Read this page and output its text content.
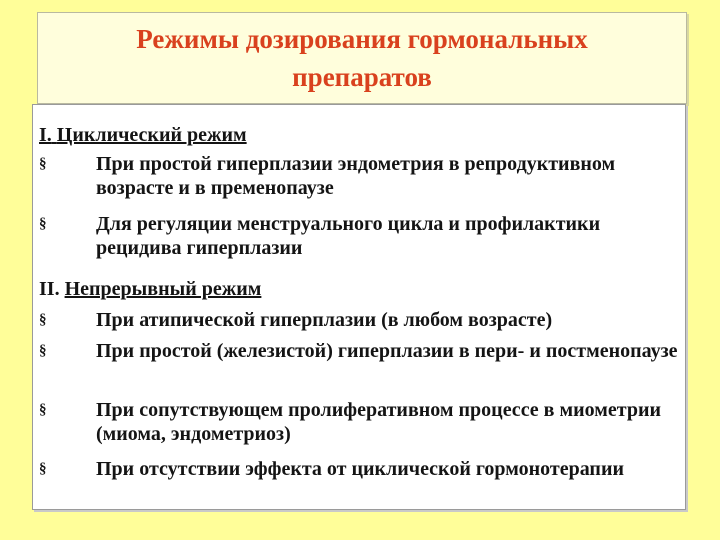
Режимы дозирования гормональных препаратов
I. Циклический режим
§	При простой гиперплазии эндометрия в репродуктивном возрасте и в пременопаузе
§	Для регуляции менструального цикла и профилактики рецидива гиперплазии
II. Непрерывный режим
§	При атипической гиперплазии (в любом возрасте)
§	При простой (железистой) гиперплазии в пери- и постменопаузе
§	При сопутствующем пролиферативном процессе в миометрии (миома, эндометриоз)
§	При отсутствии эффекта от циклической гормонотерапии
